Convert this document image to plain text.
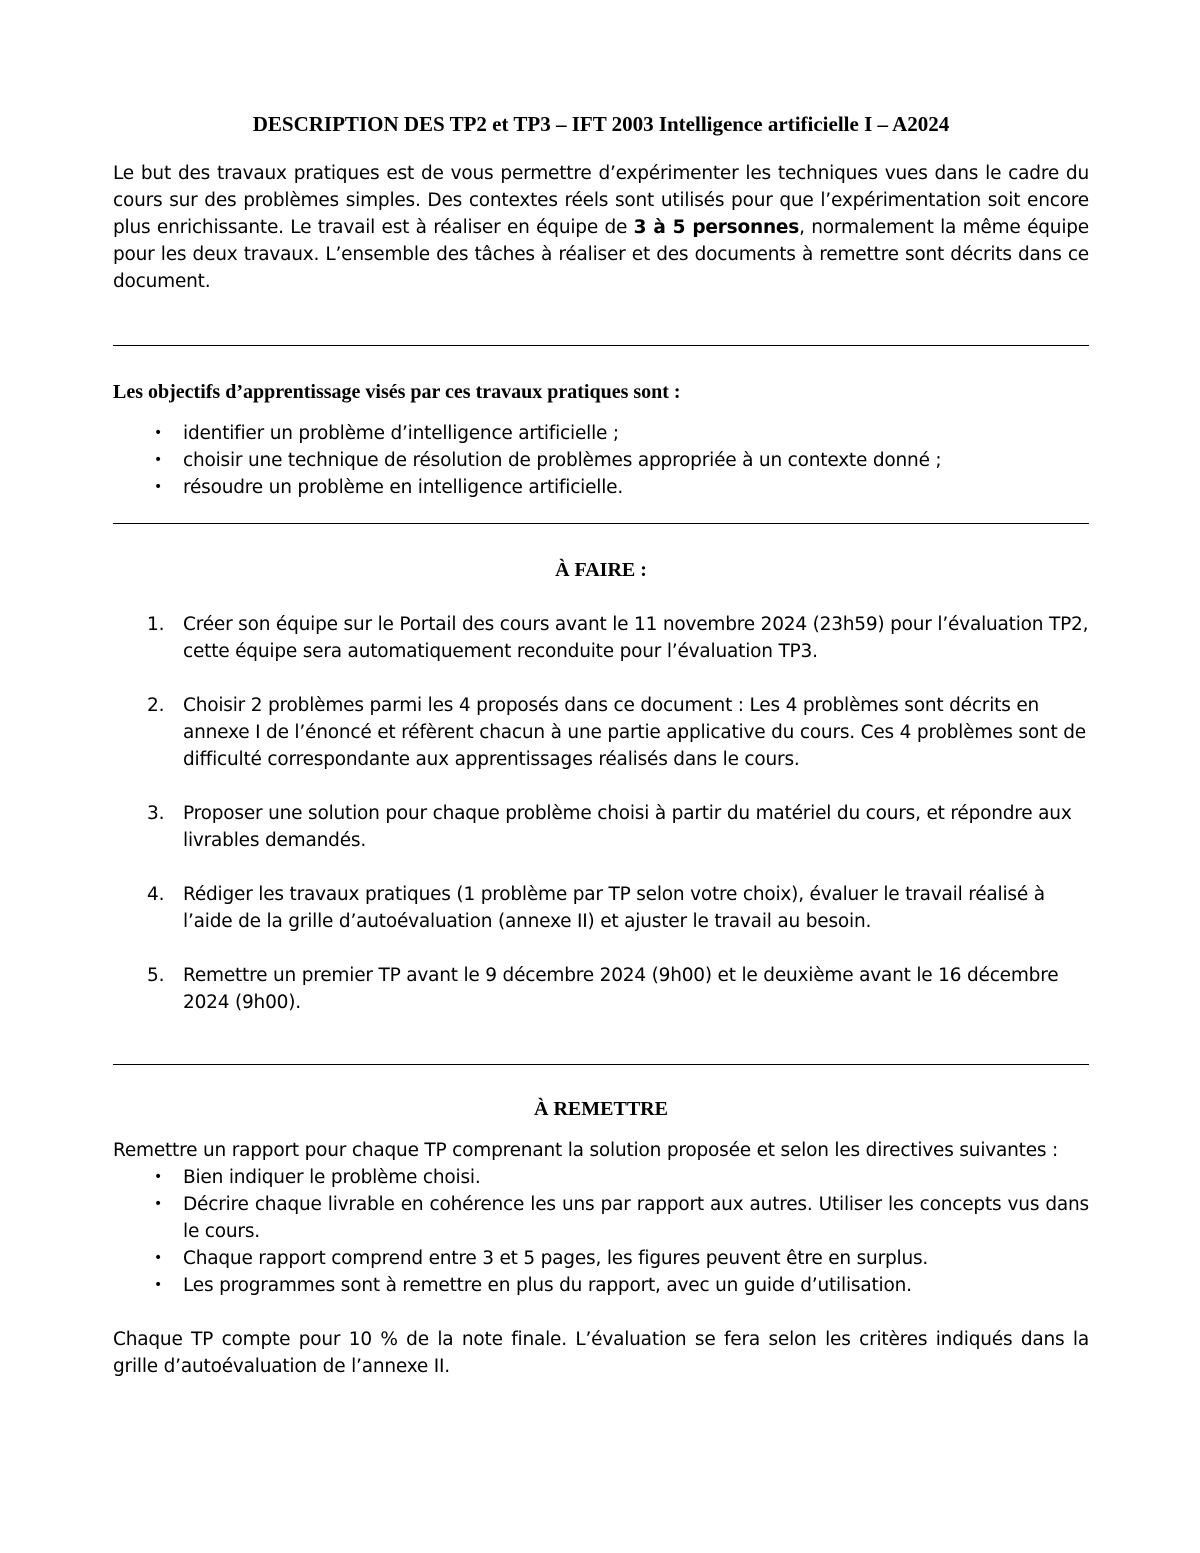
DESCRIPTION DES TP2 et TP3 – IFT 2003 Intelligence artificielle I – A2024

Le but des travaux pratiques est de vous permettre d’expérimenter les techniques vues dans le cadre du cours sur des problèmes simples. Des contextes réels sont utilisés pour que l’expérimentation soit encore plus enrichissante. Le travail est à réaliser en équipe de 3 à 5 personnes, normalement la même équipe pour les deux travaux. L’ensemble des tâches à réaliser et des documents à remettre sont décrits dans ce document.

Les objectifs d’apprentissage visés par ces travaux pratiques sont :
• identifier un problème d’intelligence artificielle ;
• choisir une technique de résolution de problèmes appropriée à un contexte donné ;
• résoudre un problème en intelligence artificielle.
À FAIRE :
1. Créer son équipe sur le Portail des cours avant le 11 novembre 2024 (23h59) pour l’évaluation TP2, cette équipe sera automatiquement reconduite pour l’évaluation TP3.
2. Choisir 2 problèmes parmi les 4 proposés dans ce document : Les 4 problèmes sont décrits en annexe I de l’énoncé et réfèrent chacun à une partie applicative du cours. Ces 4 problèmes sont de difficulté correspondante aux apprentissages réalisés dans le cours.
3. Proposer une solution pour chaque problème choisi à partir du matériel du cours, et répondre aux livrables demandés.
4. Rédiger les travaux pratiques (1 problème par TP selon votre choix), évaluer le travail réalisé à l’aide de la grille d’autoévaluation (annexe II) et ajuster le travail au besoin.
5. Remettre un premier TP avant le 9 décembre 2024 (9h00) et le deuxième avant le 16 décembre 2024 (9h00).
À REMETTRE

Remettre un rapport pour chaque TP comprenant la solution proposée et selon les directives suivantes :

• Bien indiquer le problème choisi.
• Décrire chaque livrable en cohérence les uns par rapport aux autres. Utiliser les concepts vus dans le cours.
• Chaque rapport comprend entre 3 et 5 pages, les figures peuvent être en surplus.
• Les programmes sont à remettre en plus du rapport, avec un guide d’utilisation.

Chaque TP compte pour 10 % de la note finale. L’évaluation se fera selon les critères indiqués dans la grille d’autoévaluation de l’annexe II.
